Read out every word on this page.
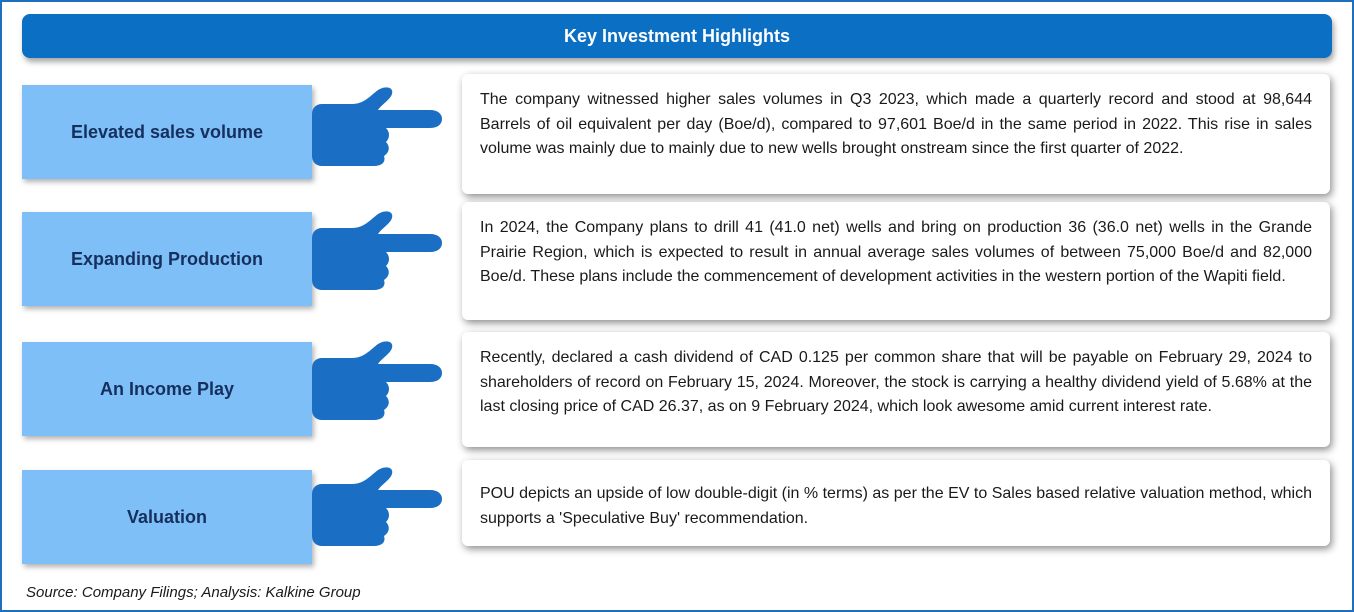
Key Investment Highlights
Elevated sales volume
The company witnessed higher sales volumes in Q3 2023, which made a quarterly record and stood at 98,644 Barrels of oil equivalent per day (Boe/d), compared to 97,601 Boe/d in the same period in 2022. This rise in sales volume was mainly due to mainly due to new wells brought onstream since the first quarter of 2022.
Expanding Production
In 2024, the Company plans to drill 41 (41.0 net) wells and bring on production 36 (36.0 net) wells in the Grande Prairie Region, which is expected to result in annual average sales volumes of between 75,000 Boe/d and 82,000 Boe/d. These plans include the commencement of development activities in the western portion of the Wapiti field.
An Income Play
Recently, declared a cash dividend of CAD 0.125 per common share that will be payable on February 29, 2024 to shareholders of record on February 15, 2024. Moreover, the stock is carrying a healthy dividend yield of 5.68% at the last closing price of CAD 26.37, as on 9 February 2024, which look awesome amid current interest rate.
Valuation
POU depicts an upside of low double-digit (in % terms) as per the EV to Sales based relative valuation method, which supports a 'Speculative Buy' recommendation.
Source: Company Filings; Analysis: Kalkine Group
